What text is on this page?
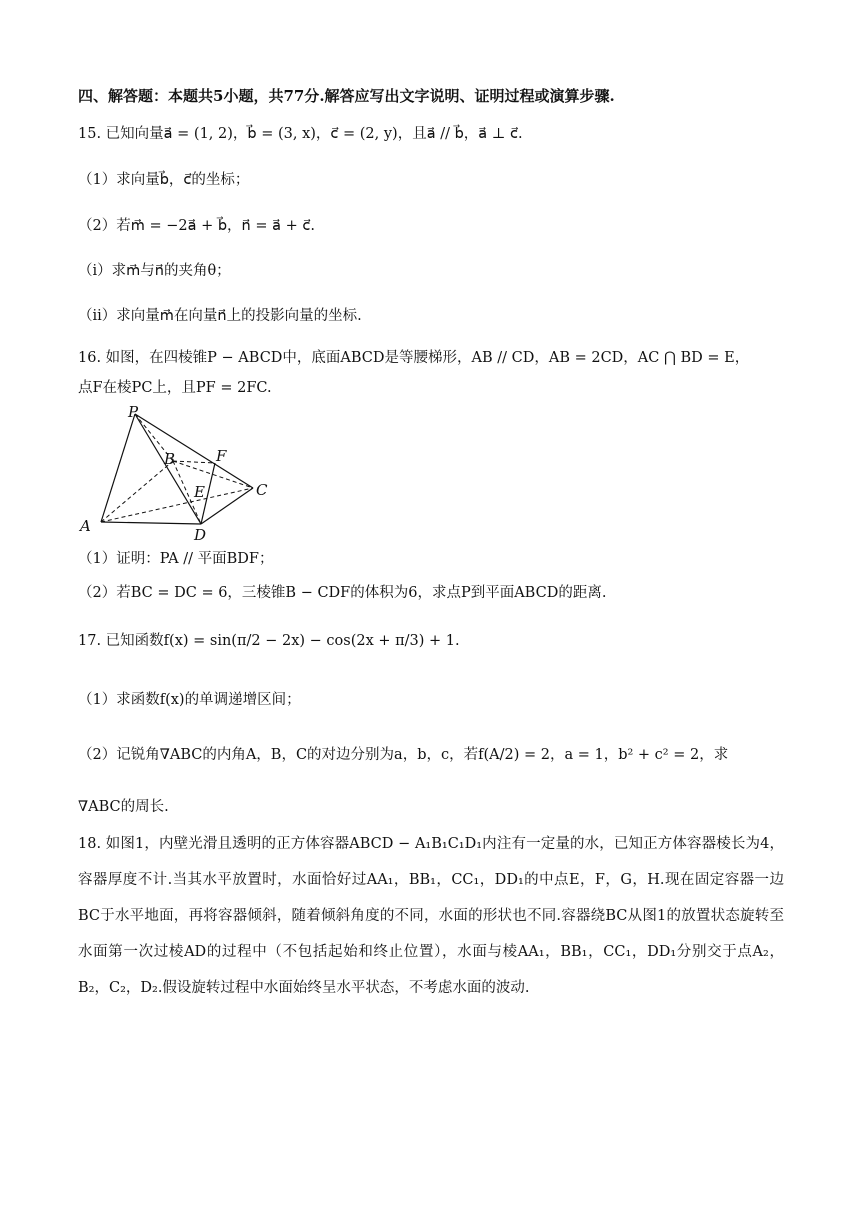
四、解答题：本题共5小题，共77分.解答应写出文字说明、证明过程或演算步骤.
15. 已知向量a⃗ = (1, 2)，b⃗ = (3, x)，c⃗ = (2, y)，且a⃗ // b⃗，a⃗ ⊥ c⃗.
（1）求向量b⃗，c⃗的坐标；
（2）若m⃗ = −2a⃗ + b⃗，n⃗ = a⃗ + c⃗.
（i）求m⃗与n⃗的夹角θ；
（ii）求向量m⃗在向量n⃗上的投影向量的坐标.
16. 如图，在四棱锥P − ABCD中，底面ABCD是等腰梯形，AB // CD，AB = 2CD，AC ⋂ BD = E，
点F在棱PC上，且PF = 2FC.
P
B	F
E	C
A	D
（1）证明：PA // 平面BDF；
（2）若BC = DC = 6，三棱锥B − CDF的体积为6，求点P到平面ABCD的距离.
17. 已知函数f(x) = sin(π/2 − 2x) − cos(2x + π/3) + 1.
（1）求函数f(x)的单调递增区间；
（2）记锐角∇ABC的内角A，B，C的对边分别为a，b，c，若f(A/2) = 2，a = 1，b² + c² = 2，求
∇ABC的周长.
18. 如图1，内壁光滑且透明的正方体容器ABCD − A₁B₁C₁D₁内注有一定量的水，已知正方体容器棱长为4，容器厚度不计.当其水平放置时，水面恰好过AA₁，BB₁，CC₁，DD₁的中点E，F，G，H.现在固定容器一边BC于水平地面，再将容器倾斜，随着倾斜角度的不同，水面的形状也不同.容器绕BC从图1的放置状态旋转至水面第一次过棱AD的过程中（不包括起始和终止位置），水面与棱AA₁，BB₁，CC₁，DD₁分别交于点A₂，B₂，C₂，D₂.假设旋转过程中水面始终呈水平状态，不考虑水面的波动.
